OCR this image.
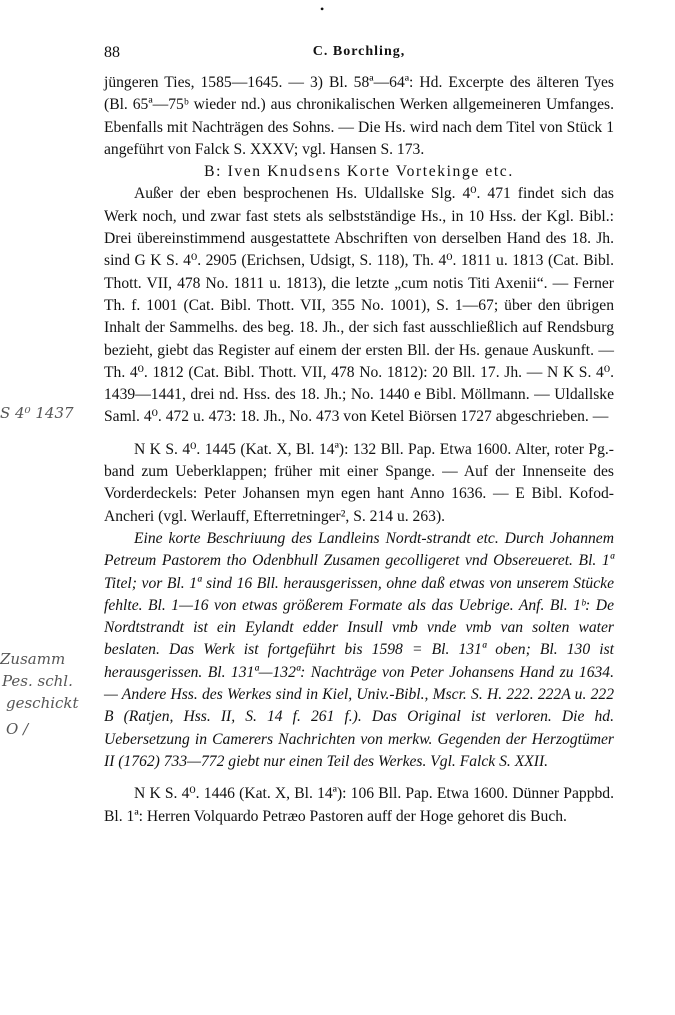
•
88	C. Borchling,

jüngeren Ties, 1585—1645. — 3) Bl. 58ª—64ª: Hd. Excerpte des älteren Tyes (Bl. 65ª—75ᵇ wieder nd.) aus chronikalischen Werken allgemeineren Umfanges. Ebenfalls mit Nachträgen des Sohns. — Die Hs. wird nach dem Titel von Stück 1 angeführt von Falck S. XXXV; vgl. Hansen S. 173.

B: Iven Knudsens Korte Vortekinge etc.

Außer der eben besprochenen Hs. Uldallske Slg. 4⁰. 471 findet sich das Werk noch, und zwar fast stets als selbstständige Hs., in 10 Hss. der Kgl. Bibl.: Drei übereinstimmend ausgestattete Abschriften von derselben Hand des 18. Jh. sind G K S. 4⁰. 2905 (Erichsen, Udsigt, S. 118), Th. 4⁰. 1811 u. 1813 (Cat. Bibl. Thott. VII, 478 No. 1811 u. 1813), die letzte „cum notis Titi Axenii“. — Ferner Th. f. 1001 (Cat. Bibl. Thott. VII, 355 No. 1001), S. 1—67; über den übrigen Inhalt der Sammelhs. des beg. 18. Jh., der sich fast ausschließlich auf Rendsburg bezieht, giebt das Register auf einem der ersten Bll. der Hs. genaue Auskunft. — Th. 4⁰. 1812 (Cat. Bibl. Thott. VII, 478 No. 1812): 20 Bll. 17. Jh. — N K S. 4⁰. 1439—1441, drei nd. Hss. des 18. Jh.; No. 1440 e Bibl. Möllmann. — Uldallske Saml. 4⁰. 472 u. 473: 18. Jh., No. 473 von Ketel Biörsen 1727 abgeschrieben. —

N K S. 4⁰. 1445 (Kat. X, Bl. 14ª): 132 Bll. Pap. Etwa 1600. Alter, roter Pg.-band zum Ueberklappen; früher mit einer Spange. — Auf der Innenseite des Vorderdeckels: Peter Johansen myn egen hant Anno 1636. — E Bibl. Kofod-Ancheri (vgl. Werlauff, Efterretninger², S. 214 u. 263).

Eine korte Beschriuung des Landleins Nordt-strandt etc. Durch Johannem Petreum Pastorem tho Odenbhull Zusamen gecolligeret vnd Obsereueret. Bl. 1ª Titel; vor Bl. 1ª sind 16 Bll. herausgerissen, ohne daß etwas von unserem Stücke fehlte. Bl. 1—16 von etwas größerem Formate als das Uebrige. Anf. Bl. 1ᵇ: De Nordtstrandt ist ein Eylandt edder Insull vmb vnde vmb van solten water beslaten. Das Werk ist fortgeführt bis 1598 = Bl. 131ª oben; Bl. 130 ist herausgerissen. Bl. 131ª—132ª: Nachträge von Peter Johansens Hand zu 1634. — Andere Hss. des Werkes sind in Kiel, Univ.-Bibl., Mscr. S. H. 222. 222A u. 222 B (Ratjen, Hss. II, S. 14 f. 261 f.). Das Original ist verloren. Die hd. Uebersetzung in Camerers Nachrichten von merkw. Gegenden der Herzogtümer II (1762) 733—772 giebt nur einen Teil des Werkes. Vgl. Falck S. XXII.

N K S. 4⁰. 1446 (Kat. X, Bl. 14ª): 106 Bll. Pap. Etwa 1600. Dünner Pappbd. Bl. 1ª: Herren Volquardo Petræo Pastoren auff der Hoge gehoret dis Buch.

S 4⁰ 1437
Zusamm
Pes. schl.
geschickt
O /
